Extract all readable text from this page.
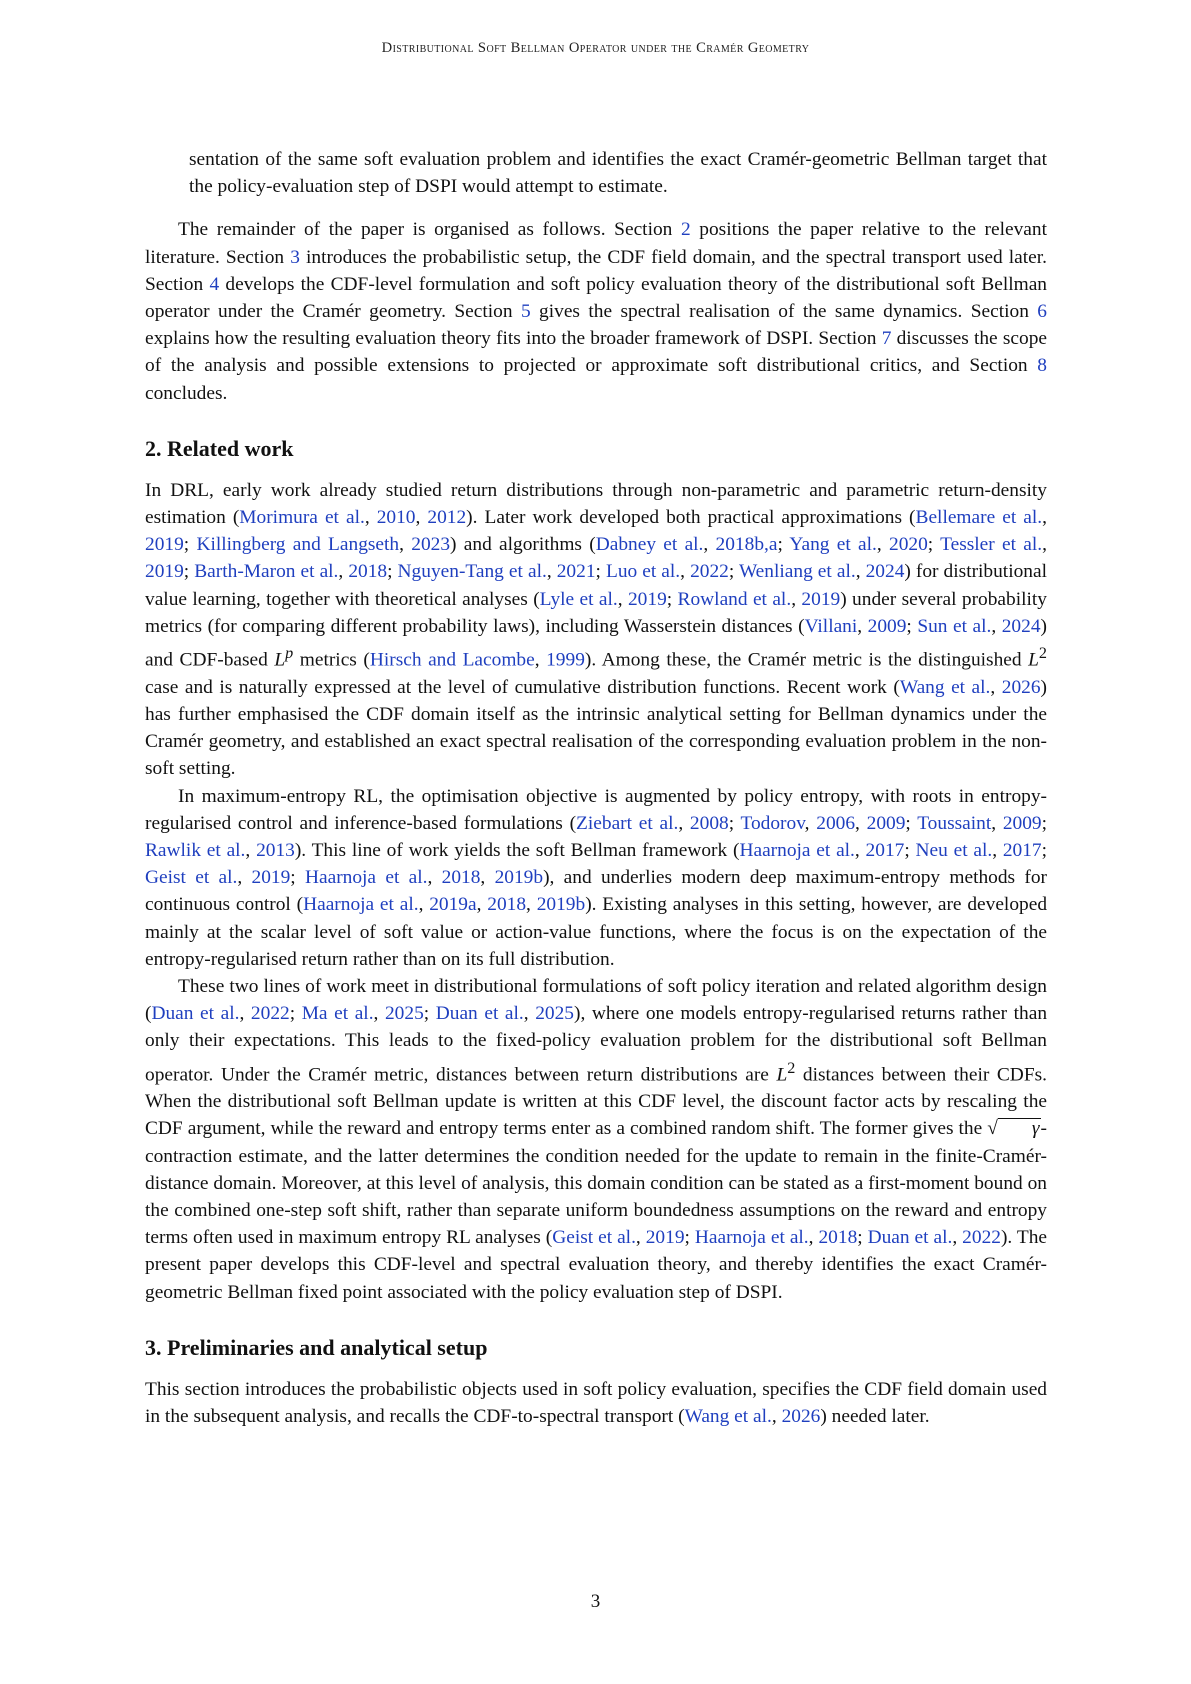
Distributional Soft Bellman Operator under the Cramér Geometry

sentation of the same soft evaluation problem and identifies the exact Cramér-geometric Bellman target that the policy-evaluation step of DSPI would attempt to estimate.

The remainder of the paper is organised as follows. Section 2 positions the paper relative to the relevant literature. Section 3 introduces the probabilistic setup, the CDF field domain, and the spectral transport used later. Section 4 develops the CDF-level formulation and soft policy evaluation theory of the distributional soft Bellman operator under the Cramér geometry. Section 5 gives the spectral realisation of the same dynamics. Section 6 explains how the resulting evaluation theory fits into the broader framework of DSPI. Section 7 discusses the scope of the analysis and possible extensions to projected or approximate soft distributional critics, and Section 8 concludes.

2. Related work

In DRL, early work already studied return distributions through non-parametric and parametric return-density estimation (Morimura et al., 2010, 2012). Later work developed both practical approximations (Bellemare et al., 2019; Killingberg and Langseth, 2023) and algorithms (Dabney et al., 2018b,a; Yang et al., 2020; Tessler et al., 2019; Barth-Maron et al., 2018; Nguyen-Tang et al., 2021; Luo et al., 2022; Wenliang et al., 2024) for distributional value learning, together with theoretical analyses (Lyle et al., 2019; Rowland et al., 2019) under several probability metrics (for comparing different probability laws), including Wasserstein distances (Villani, 2009; Sun et al., 2024) and CDF-based $L^p$ metrics (Hirsch and Lacombe, 1999). Among these, the Cramér metric is the distinguished $L^2$ case and is naturally expressed at the level of cumulative distribution functions. Recent work (Wang et al., 2026) has further emphasised the CDF domain itself as the intrinsic analytical setting for Bellman dynamics under the Cramér geometry, and established an exact spectral realisation of the corresponding evaluation problem in the non-soft setting.

In maximum-entropy RL, the optimisation objective is augmented by policy entropy, with roots in entropy-regularised control and inference-based formulations (Ziebart et al., 2008; Todorov, 2006, 2009; Toussaint, 2009; Rawlik et al., 2013). This line of work yields the soft Bellman framework (Haarnoja et al., 2017; Neu et al., 2017; Geist et al., 2019; Haarnoja et al., 2018, 2019b), and underlies modern deep maximum-entropy methods for continuous control (Haarnoja et al., 2019a, 2018, 2019b). Existing analyses in this setting, however, are developed mainly at the scalar level of soft value or action-value functions, where the focus is on the expectation of the entropy-regularised return rather than on its full distribution.

These two lines of work meet in distributional formulations of soft policy iteration and related algorithm design (Duan et al., 2022; Ma et al., 2025; Duan et al., 2025), where one models entropy-regularised returns rather than only their expectations. This leads to the fixed-policy evaluation problem for the distributional soft Bellman operator. Under the Cramér metric, distances between return distributions are $L^2$ distances between their CDFs. When the distributional soft Bellman update is written at this CDF level, the discount factor acts by rescaling the CDF argument, while the reward and entropy terms enter as a combined random shift. The former gives the √ γ-contraction estimate, and the latter determines the condition needed for the update to remain in the finite-Cramér-distance domain. Moreover, at this level of analysis, this domain condition can be stated as a first-moment bound on the combined one-step soft shift, rather than separate uniform boundedness assumptions on the reward and entropy terms often used in maximum entropy RL analyses (Geist et al., 2019; Haarnoja et al., 2018; Duan et al., 2022). The present paper develops this CDF-level and spectral evaluation theory, and thereby identifies the exact Cramér-geometric Bellman fixed point associated with the policy evaluation step of DSPI.

3. Preliminaries and analytical setup

This section introduces the probabilistic objects used in soft policy evaluation, specifies the CDF field domain used in the subsequent analysis, and recalls the CDF-to-spectral transport (Wang et al., 2026) needed later.

3
